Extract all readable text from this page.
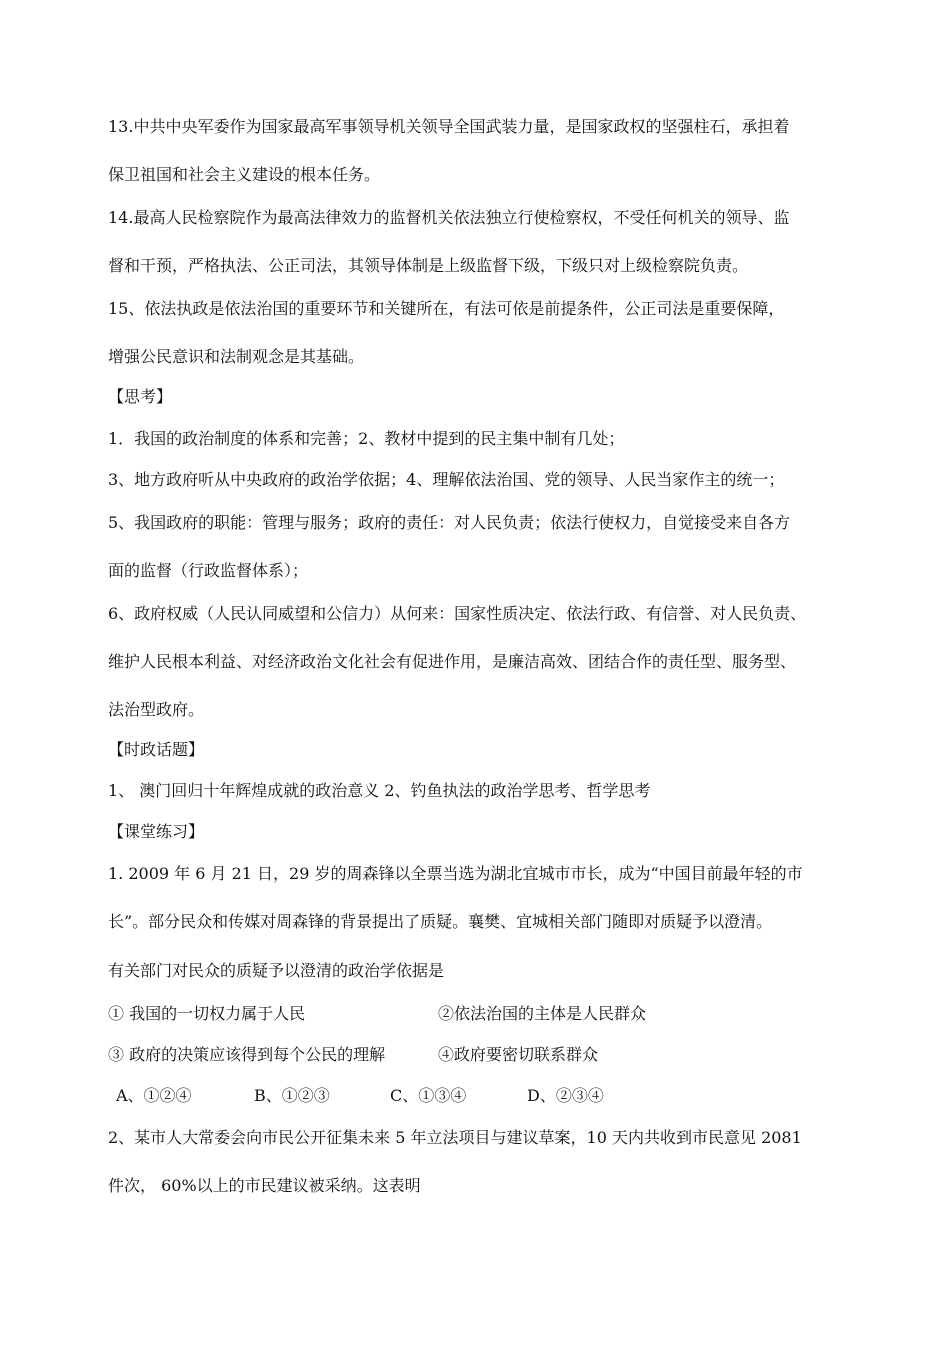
13.中共中央军委作为国家最高军事领导机关领导全国武装力量，是国家政权的坚强柱石，承担着
保卫祖国和社会主义建设的根本任务。
14.最高人民检察院作为最高法律效力的监督机关依法独立行使检察权，不受任何机关的领导、监
督和干预，严格执法、公正司法，其领导体制是上级监督下级，下级只对上级检察院负责。
15、依法执政是依法治国的重要环节和关键所在，有法可依是前提条件，公正司法是重要保障，
增强公民意识和法制观念是其基础。
【思考】
1．我国的政治制度的体系和完善；2、教材中提到的民主集中制有几处；
3、地方政府听从中央政府的政治学依据；4、理解依法治国、党的领导、人民当家作主的统一；
5、我国政府的职能：管理与服务；政府的责任：对人民负责；依法行使权力，自觉接受来自各方
面的监督（行政监督体系）；
6、政府权威（人民认同威望和公信力）从何来：国家性质决定、依法行政、有信誉、对人民负责、
维护人民根本利益、对经济政治文化社会有促进作用，是廉洁高效、团结合作的责任型、服务型、
法治型政府。
【时政话题】
1、 澳门回归十年辉煌成就的政治意义 2、钓鱼执法的政治学思考、哲学思考
【课堂练习】
1. 2009 年 6 月 21 日，29 岁的周森锋以全票当选为湖北宜城市市长，成为“中国目前最年轻的市
长”。部分民众和传媒对周森锋的背景提出了质疑。襄樊、宜城相关部门随即对质疑予以澄清。
有关部门对民众的质疑予以澄清的政治学依据是
① 我国的一切权力属于人民	②依法治国的主体是人民群众
③ 政府的决策应该得到每个公民的理解	④政府要密切联系群众
A、①②④	B、①②③	C、①③④	D、②③④
2、某市人大常委会向市民公开征集未来 5 年立法项目与建议草案，10 天内共收到市民意见 2081
件次， 60%以上的市民建议被采纳。这表明
